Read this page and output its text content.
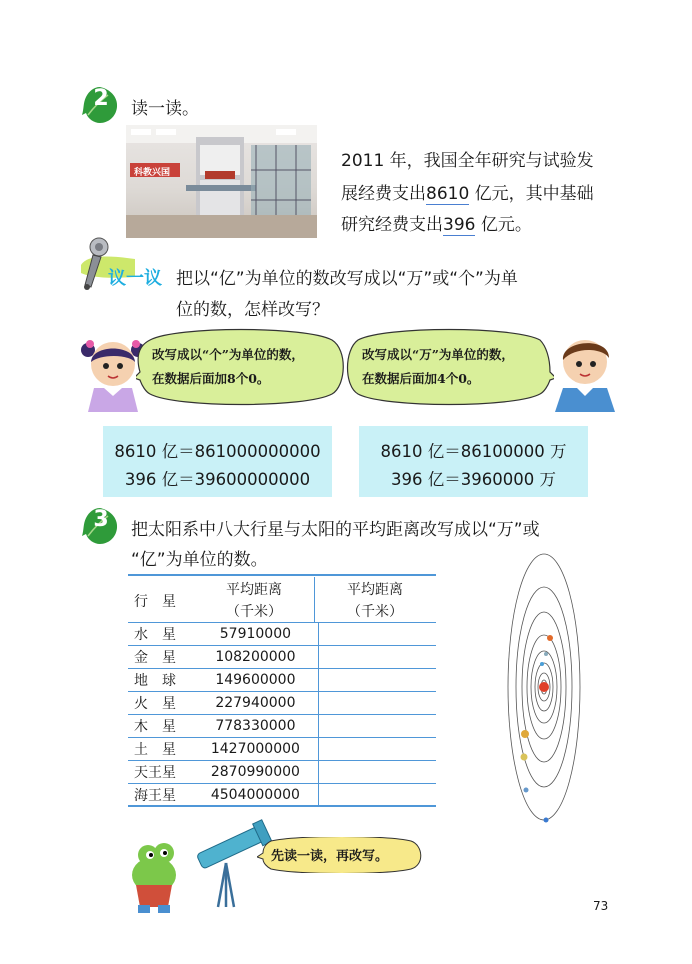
2	读一读。
科教兴国
2011 年，我国全年研究与试验发
展经费支出8610 亿元，其中基础
研究经费支出396 亿元。
议一议 把以“亿”为单位的数改写成以“万”或“个”为单
位的数，怎样改写？
改写成以“个”为单位的数，
在数据后面加8个0。
改写成以“万”为单位的数，
在数据后面加4个0。
8610 亿＝861000000000
396 亿＝39600000000
8610 亿＝86100000 万
396 亿＝3960000 万
3	把太阳系中八大行星与太阳的平均距离改写成以“万”或
“亿”为单位的数。
行　星
平均距离
（千米）
平均距离
（千米）
水　星	57910000	
金　星	108200000	
地　球	149600000	
火　星	227940000	
木　星	778330000	
土　星	1427000000	
天王星	2870990000	
海王星	4504000000	
先读一读，再改写。
73
